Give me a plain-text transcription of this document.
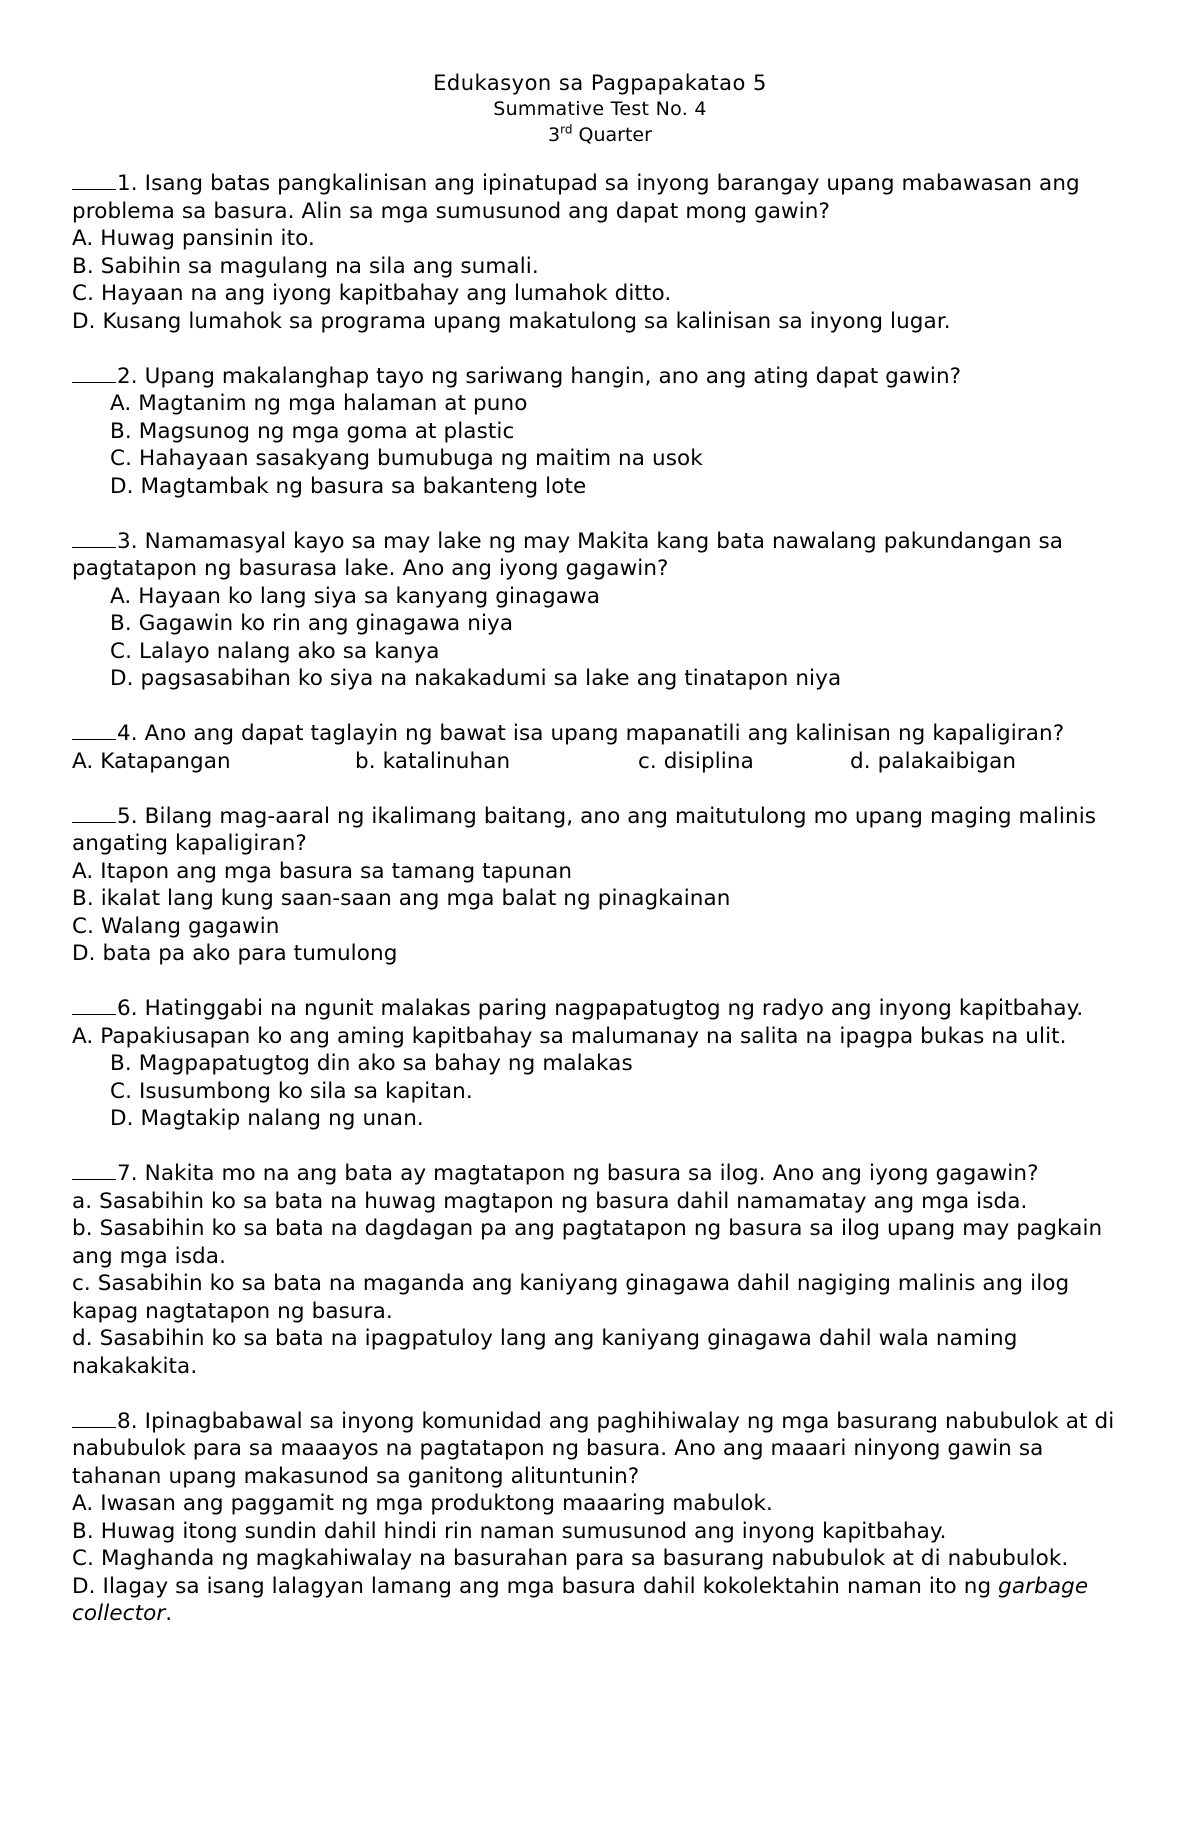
Edukasyon sa Pagpapakatao 5
Summative Test No. 4
3rd Quarter
1. Isang batas pangkalinisan ang ipinatupad sa inyong barangay upang mabawasan ang problema sa basura. Alin sa mga sumusunod ang dapat mong gawin?
A. Huwag pansinin ito.
B. Sabihin sa magulang na sila ang sumali.
C. Hayaan na ang iyong kapitbahay ang lumahok ditto.
D. Kusang lumahok sa programa upang makatulong sa kalinisan sa inyong lugar.
2. Upang makalanghap tayo ng sariwang hangin, ano ang ating dapat gawin?
A. Magtanim ng mga halaman at puno
B. Magsunog ng mga goma at plastic
C. Hahayaan sasakyang bumubuga ng maitim na usok
D. Magtambak ng basura sa bakanteng lote
3. Namamasyal kayo sa may lake ng may Makita kang bata nawalang pakundangan sa pagtatapon ng basurasa lake. Ano ang iyong gagawin?
A. Hayaan ko lang siya sa kanyang ginagawa
B. Gagawin ko rin ang ginagawa niya
C. Lalayo nalang ako sa kanya
D. pagsasabihan ko siya na nakakadumi sa lake ang tinatapon niya
4. Ano ang dapat taglayin ng bawat isa upang mapanatili ang kalinisan ng kapaligiran?
A. Katapangan	b. katalinuhan	c. disiplina	d. palakaibigan
5. Bilang mag-aaral ng ikalimang baitang, ano ang maitutulong mo upang maging malinis angating kapaligiran?
A. Itapon ang mga basura sa tamang tapunan
B. ikalat lang kung saan-saan ang mga balat ng pinagkainan
C. Walang gagawin
D. bata pa ako para tumulong
6. Hatinggabi na ngunit malakas paring nagpapatugtog ng radyo ang inyong kapitbahay.
A. Papakiusapan ko ang aming kapitbahay sa malumanay na salita na ipagpa bukas na ulit.
B. Magpapatugtog din ako sa bahay ng malakas
C. Isusumbong ko sila sa kapitan.
D. Magtakip nalang ng unan.
7. Nakita mo na ang bata ay magtatapon ng basura sa ilog. Ano ang iyong gagawin?
a. Sasabihin ko sa bata na huwag magtapon ng basura dahil namamatay ang mga isda.
b. Sasabihin ko sa bata na dagdagan pa ang pagtatapon ng basura sa ilog upang may pagkain ang mga isda.
c. Sasabihin ko sa bata na maganda ang kaniyang ginagawa dahil nagiging malinis ang ilog kapag nagtatapon ng basura.
d. Sasabihin ko sa bata na ipagpatuloy lang ang kaniyang ginagawa dahil wala naming nakakakita.
8. Ipinagbabawal sa inyong komunidad ang paghihiwalay ng mga basurang nabubulok at di nabubulok para sa maaayos na pagtatapon ng basura. Ano ang maaari ninyong gawin sa tahanan upang makasunod sa ganitong alituntunin?
A. Iwasan ang paggamit ng mga produktong maaaring mabulok.
B. Huwag itong sundin dahil hindi rin naman sumusunod ang inyong kapitbahay.
C. Maghanda ng magkahiwalay na basurahan para sa basurang nabubulok at di nabubulok.
D. Ilagay sa isang lalagyan lamang ang mga basura dahil kokolektahin naman ito ng garbage collector.
